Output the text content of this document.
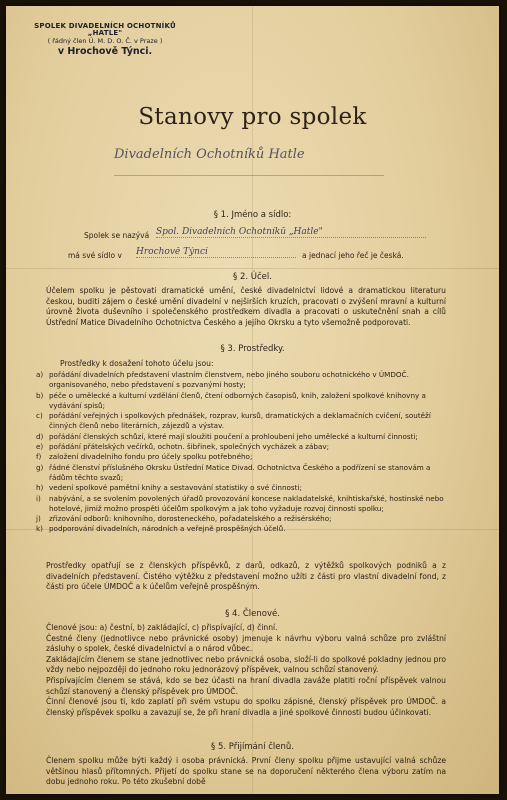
SPOLEK DIVADELNÍCH OCHOTNÍKŮ „HATLE"
( řádný člen Ú. M. D. O. Č. v Praze )
v Hrochově Týnci.
Stanovy pro spolek
Divadelních Ochotníků Hatle
§ 1. Jméno a sídlo:
Spolek se nazývá Spol. Divadelních Ochotníků „Hatle"
má své sídlo v Hrochově Týnci	a jednací jeho řeč je česká.
§ 2. Účel.
Účelem spolku je pěstovati dramatické umění, české divadelnictví lidové a dramatickou literaturu českou, buditi zájem o české umění divadelní v nejširších kruzích, pracovati o zvýšení mravní a kulturní úrovně života duševního i společenského prostředkem divadla a pracovati o uskutečnění snah a cílů Ústřední Matice Divadelního Ochotnictva Českého a jejího Okrsku a tyto všemožně podporovati.
§ 3. Prostředky.
Prostředky k dosažení tohoto účelu jsou:
a) pořádání divadelních představení vlastním členstvem, nebo jiného souboru ochotnického v ÚMDOČ. organisovaného, nebo představení s pozvanými hosty;
b) péče o umělecké a kulturní vzdělání členů, čtení odborných časopisů, knih, založení spolkové knihovny a vydávání spisů;
c) pořádání veřejných i spolkových přednášek, rozprav, kursů, dramatických a deklamačních cvičení, soutěží činných členů nebo literárních, zájezdů a výstav.
d) pořádání členských schůzí, které mají sloužiti poučení a prohloubení jeho umělecké a kulturní činnosti;
e) pořádání přátelských večírků, ochotn. šibřinek, společných vycházek a zábav;
f) založení divadelního fondu pro účely spolku potřebného;
g) řádné členství příslušného Okrsku Ústřední Matice Divad. Ochotnictva Českého a podřízení se stanovám a řádům těchto svazů;
h) vedení spolkové pamětní knihy a sestavování statistiky o své činnosti;
i) nabývání, a se svolením povolených úřadů provozování koncese nakladatelské, knihtiskařské, hostinské nebo hotelové, jimiž možno prospěti účelům spolkovým a jak toho vyžaduje rozvoj činnosti spolku;
j) zřizování odborů: knihovního, dorosteneckého, pořadatelského a režisérského;
k) podporování divadelních, národních a veřejně prospěšných účelů.
Prostředky opatřují se z členských příspěvků, z darů, odkazů, z výtěžků spolkových podniků a z divadelních představení. Čistého výtěžku z představení možno užíti z části pro vlastní divadelní fond, z části pro účele ÚMDOČ a k účelům veřejně prospěšným.
§ 4. Členové.
Členové jsou: a) čestní, b) zakládající, c) přispívající, d) činní.
Čestné členy (jednotlivce nebo právnické osoby) jmenuje k návrhu výboru valná schůze pro zvláštní zásluhy o spolek, české divadelnictví a o národ vůbec.
Zakládajícím členem se stane jednotlivec nebo právnická osoba, složí-li do spolkové pokladny jednou pro vždy nebo nejpozději do jednoho roku jednorázový příspěvek, valnou schůzí stanovený.
Přispívajícím členem se stává, kdo se bez účasti na hraní divadla zaváže platiti roční příspěvek valnou schůzí stanovený a členský příspěvek pro ÚMDOČ.
Činní členové jsou ti, kdo zaplatí při svém vstupu do spolku zápisné, členský příspěvek pro ÚMDOČ. a členský příspěvek spolku a zavazují se, že při hraní divadla a jiné spolkové činnosti budou účinkovati.
§ 5. Přijímání členů.
Členem spolku může býti každý i osoba právnická. První členy spolku přijme ustavující valná schůze většinou hlasů přítomných. Přijetí do spolku stane se na doporučení některého člena výboru zatím na dobu jednoho roku. Po této zkušební době
